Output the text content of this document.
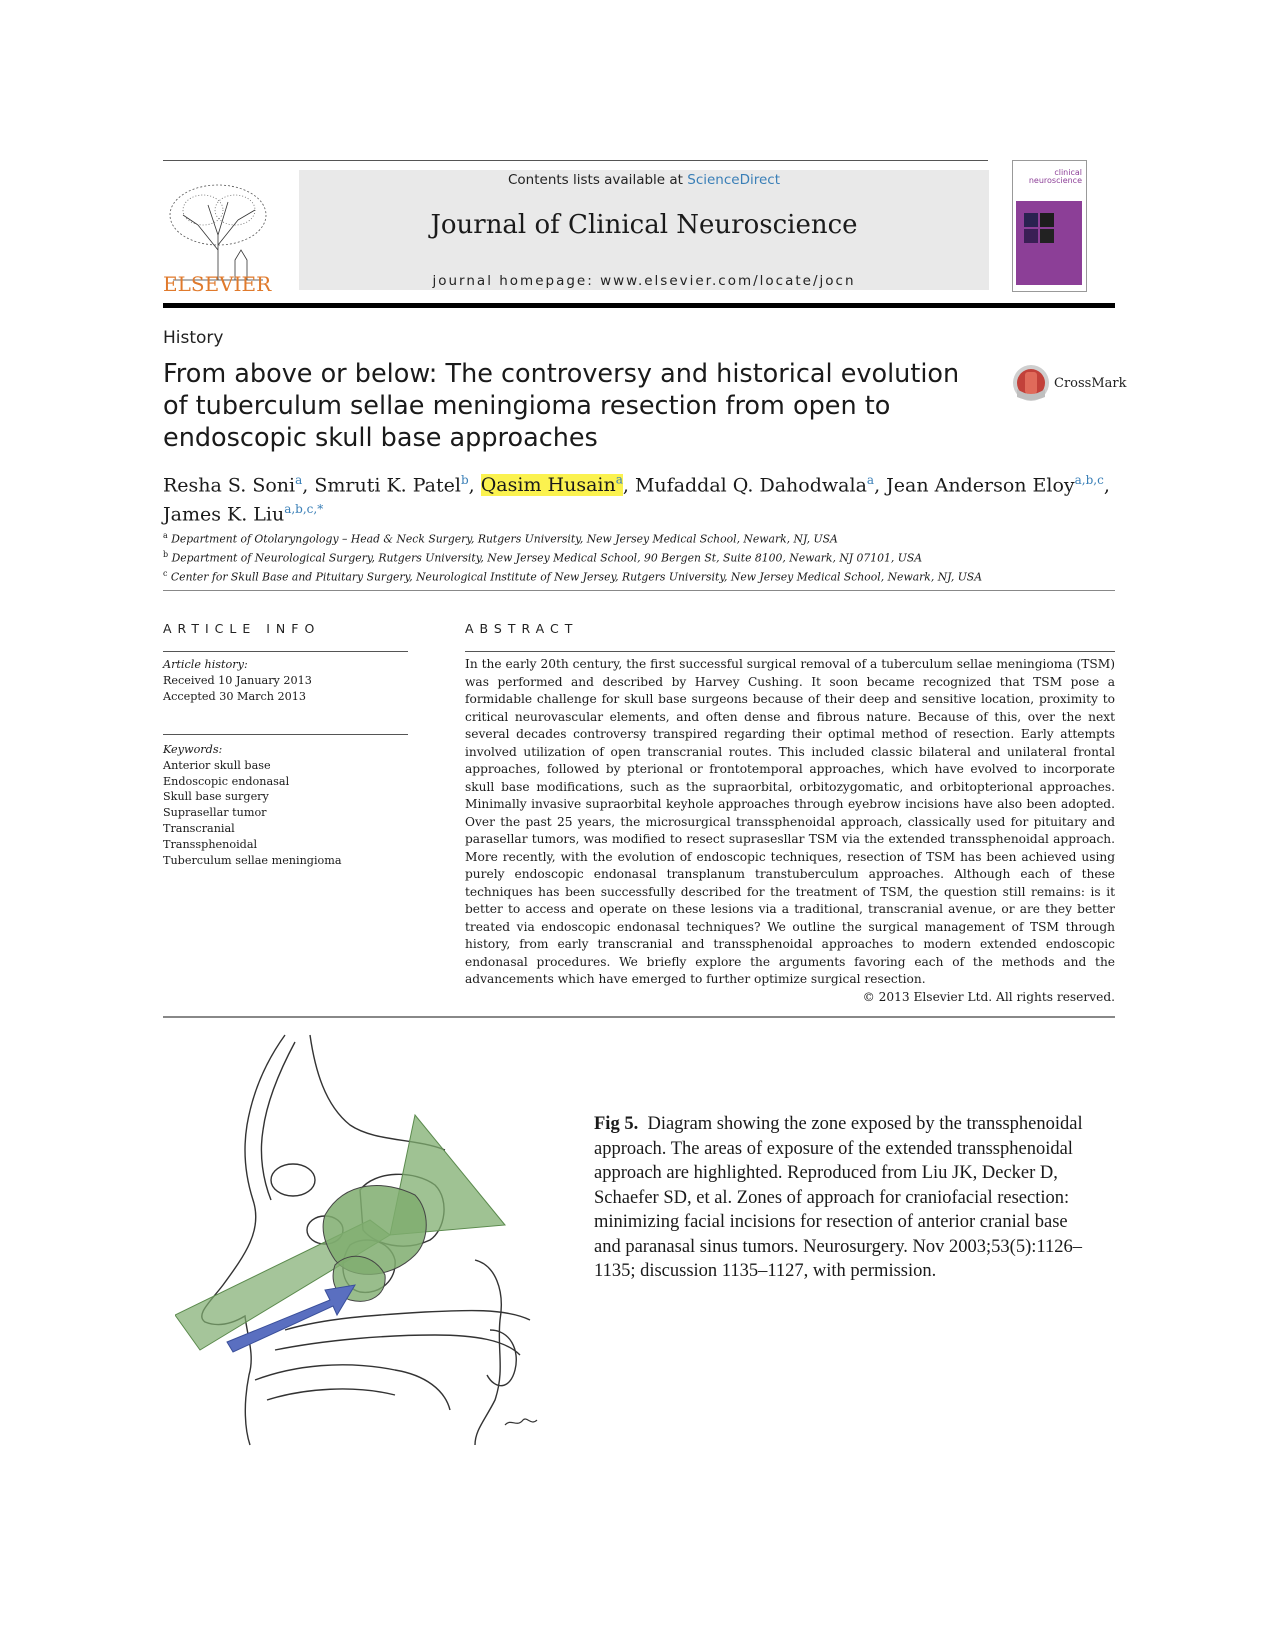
ELSEVIER
Contents lists available at ScienceDirect
Journal of Clinical Neuroscience
journal homepage: www.elsevier.com/locate/jocn
clinical
neuroscience
History
From above or below: The controversy and historical evolution of tuberculum sellae meningioma resection from open to endoscopic skull base approaches
CrossMark
Resha S. Soni$^a$, Smruti K. Patel$^b$, Qasim Husain$^a$, Mufaddal Q. Dahodwala$^a$, Jean Anderson Eloy$^{a,b,c}$,
James K. Liu$^{a,b,c,*}$
$^a$ Department of Otolaryngology – Head & Neck Surgery, Rutgers University, New Jersey Medical School, Newark, NJ, USA
$^b$ Department of Neurological Surgery, Rutgers University, New Jersey Medical School, 90 Bergen St, Suite 8100, Newark, NJ 07101, USA
$^c$ Center for Skull Base and Pituitary Surgery, Neurological Institute of New Jersey, Rutgers University, New Jersey Medical School, Newark, NJ, USA
ARTICLE INFO	ABSTRACT
Article history:
Received 10 January 2013
Accepted 30 March 2013
Keywords:
Anterior skull base
Endoscopic endonasal
Skull base surgery
Suprasellar tumor
Transcranial
Transsphenoidal
Tuberculum sellae meningioma
In the early 20th century, the first successful surgical removal of a tuberculum sellae meningioma (TSM) was performed and described by Harvey Cushing. It soon became recognized that TSM pose a formidable challenge for skull base surgeons because of their deep and sensitive location, proximity to critical neurovascular elements, and often dense and fibrous nature. Because of this, over the next several decades controversy transpired regarding their optimal method of resection. Early attempts involved utilization of open transcranial routes. This included classic bilateral and unilateral frontal approaches, followed by pterional or frontotemporal approaches, which have evolved to incorporate skull base modifications, such as the supraorbital, orbitozygomatic, and orbitopterional approaches. Minimally invasive supraorbital keyhole approaches through eyebrow incisions have also been adopted. Over the past 25 years, the microsurgical transsphenoidal approach, classically used for pituitary and parasellar tumors, was modified to resect suprasesllar TSM via the extended transsphenoidal approach. More recently, with the evolution of endoscopic techniques, resection of TSM has been achieved using purely endoscopic endonasal transplanum transtuberculum approaches. Although each of these techniques has been successfully described for the treatment of TSM, the question still remains: is it better to access and operate on these lesions via a traditional, transcranial avenue, or are they better treated via endoscopic endonasal techniques? We outline the surgical management of TSM through history, from early transcranial and transsphenoidal approaches to modern extended endoscopic endonasal procedures. We briefly explore the arguments favoring each of the methods and the advancements which have emerged to further optimize surgical resection.
© 2013 Elsevier Ltd. All rights reserved.
Fig 5. Diagram showing the zone exposed by the transsphenoidal approach. The areas of exposure of the extended transsphenoidal approach are highlighted. Reproduced from Liu JK, Decker D, Schaefer SD, et al. Zones of approach for craniofacial resection: minimizing facial incisions for resection of anterior cranial base and paranasal sinus tumors. Neurosurgery. Nov 2003;53(5):1126–1135; discussion 1135–1127, with permission.
